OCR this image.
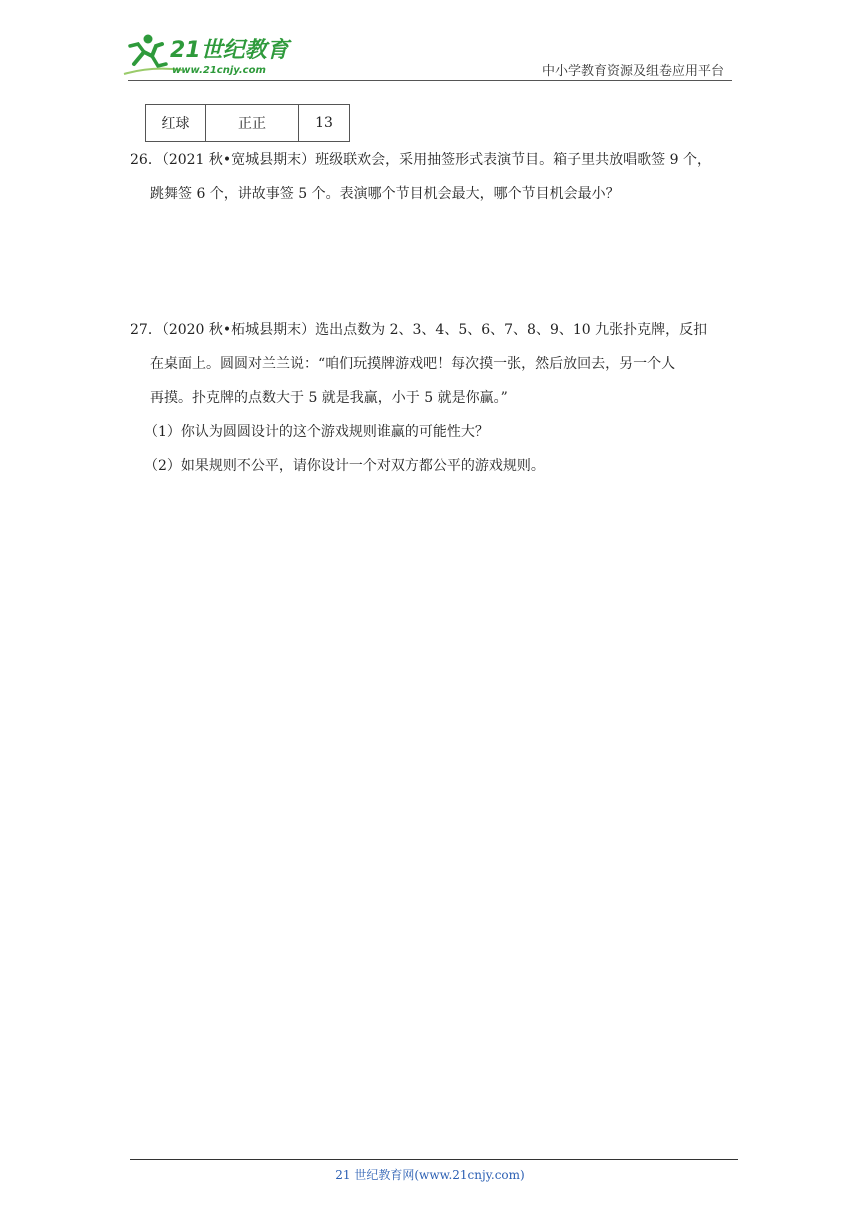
21世纪教育
www.21cnjy.com	中小学教育资源及组卷应用平台
红球	正正	13

26．（2021 秋•宽城县期末）班级联欢会，采用抽签形式表演节目。箱子里共放唱歌签 9 个，

跳舞签 6 个，讲故事签 5 个。表演哪个节目机会最大，哪个节目机会最小？

27．（2020 秋•柘城县期末）选出点数为 2、3、4、5、6、7、8、9、10 九张扑克牌，反扣

在桌面上。圆圆对兰兰说：“咱们玩摸牌游戏吧！每次摸一张，然后放回去，另一个人

再摸。扑克牌的点数大于 5 就是我赢，小于 5 就是你赢。”

（1）你认为圆圆设计的这个游戏规则谁赢的可能性大？

（2）如果规则不公平，请你设计一个对双方都公平的游戏规则。

21 世纪教育网(www.21cnjy.com)
